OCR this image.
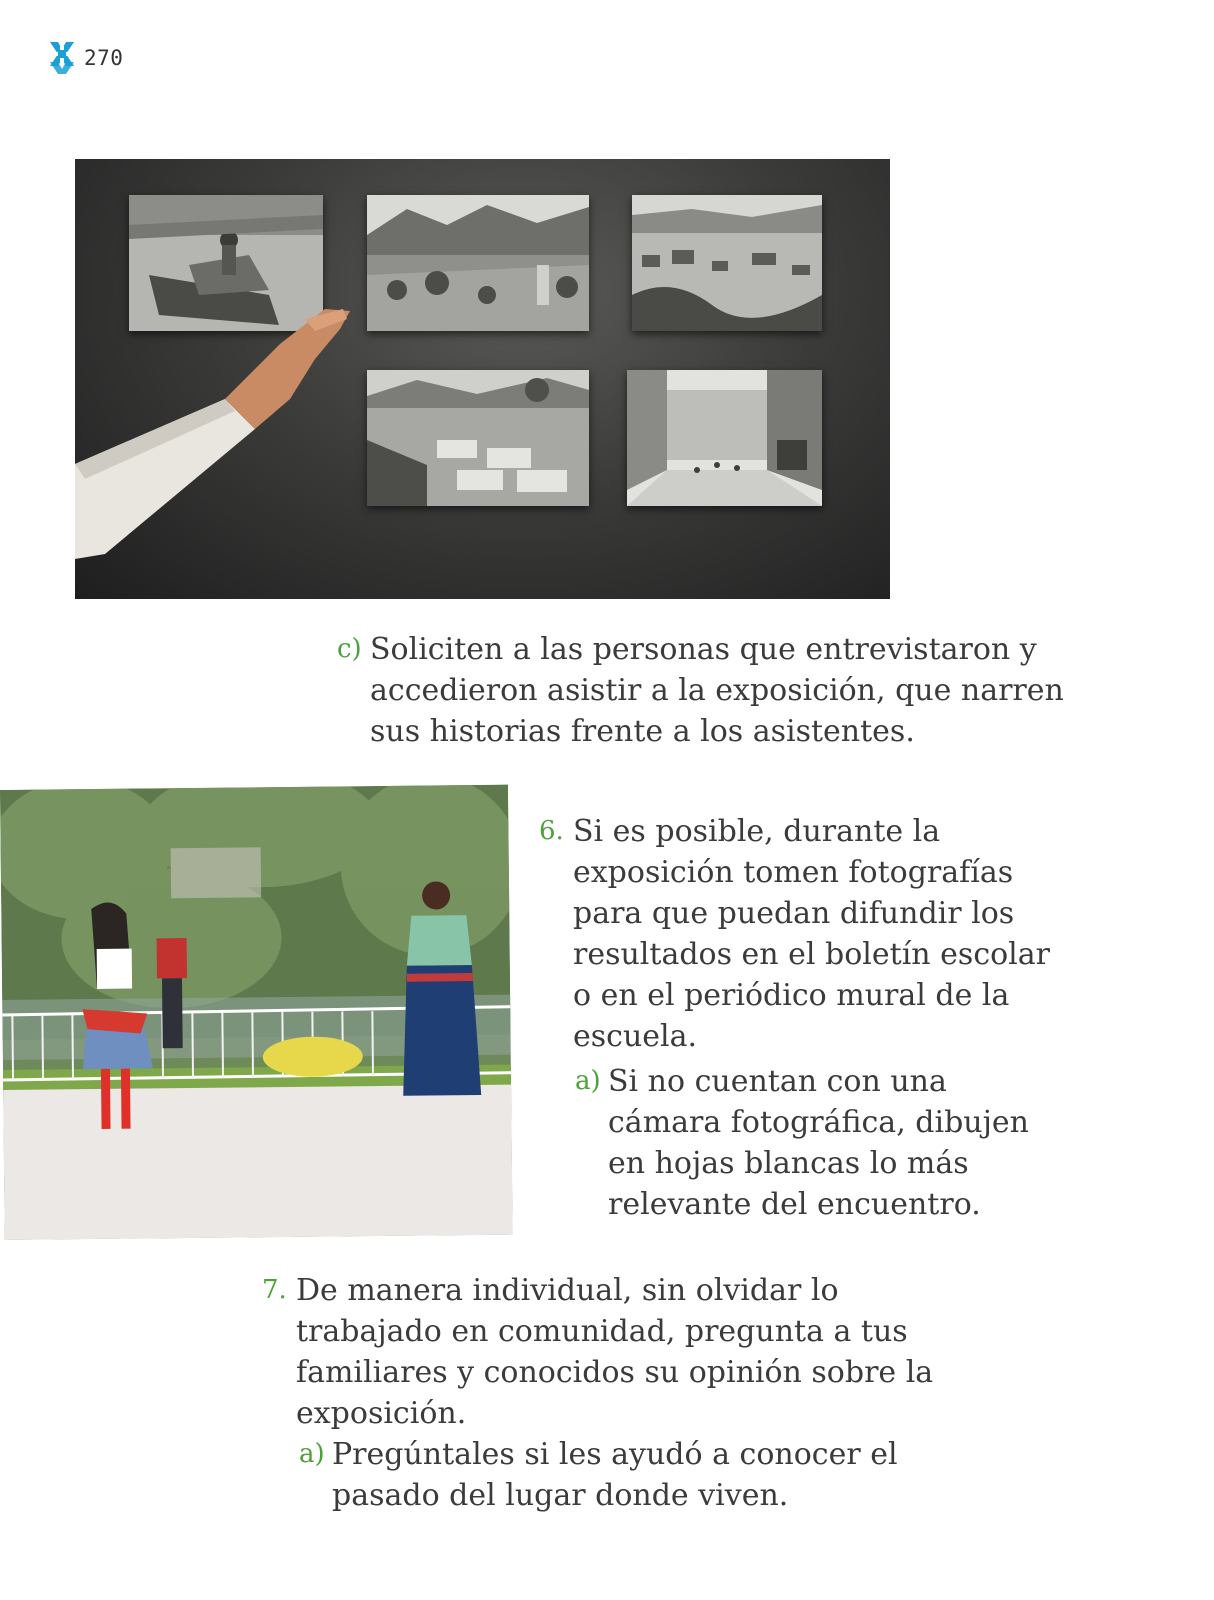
270
c) Soliciten a las personas que entrevistaron y accedieron asistir a la exposición, que narren sus historias frente a los asistentes.

6. Si es posible, durante la exposición tomen fotografías para que puedan difundir los resultados en el boletín escolar o en el periódico mural de la escuela.

a) Si no cuentan con una cámara fotográfica, dibujen en hojas blancas lo más relevante del encuentro.

7. De manera individual, sin olvidar lo trabajado en comunidad, pregunta a tus familiares y conocidos su opinión sobre la exposición.

a) Pregúntales si les ayudó a conocer el pasado del lugar donde viven.
